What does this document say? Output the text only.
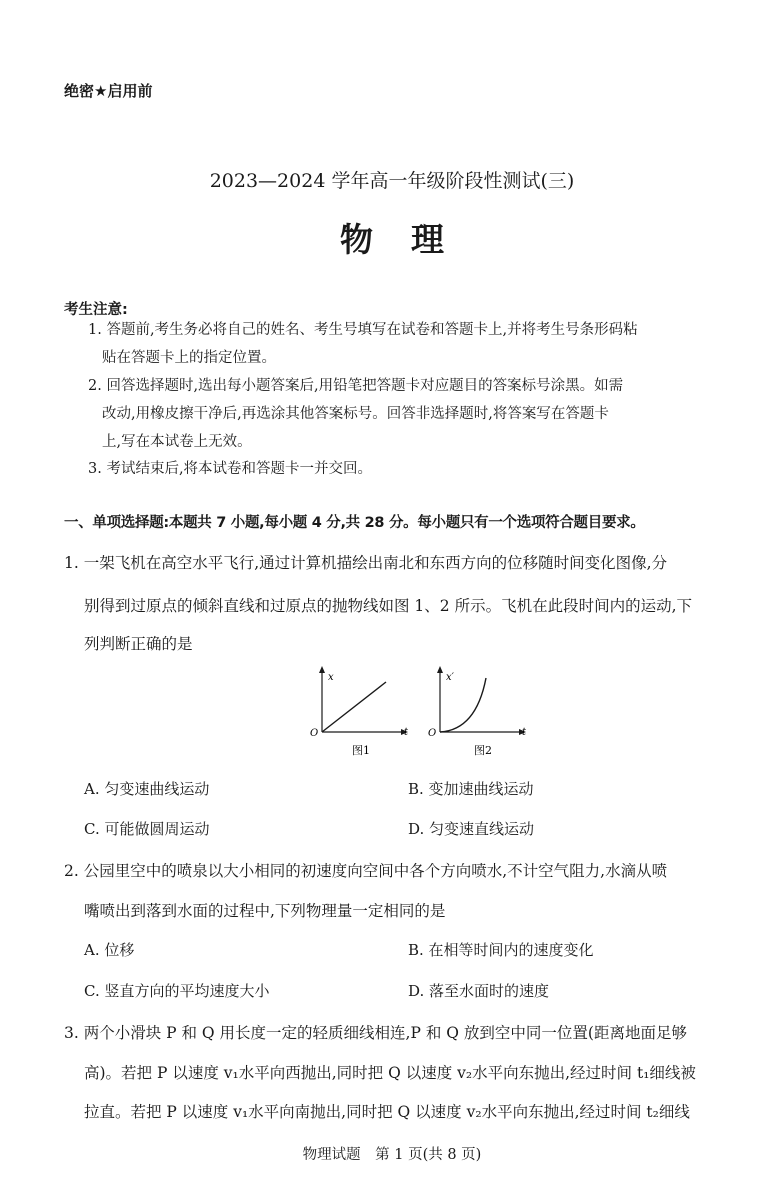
绝密★启用前
2023—2024 学年高一年级阶段性测试(三)
物理
考生注意:
1. 答题前,考生务必将自己的姓名、考生号填写在试卷和答题卡上,并将考生号条形码粘
贴在答题卡上的指定位置。
2. 回答选择题时,选出每小题答案后,用铅笔把答题卡对应题目的答案标号涂黑。如需
改动,用橡皮擦干净后,再选涂其他答案标号。回答非选择题时,将答案写在答题卡
上,写在本试卷上无效。
3. 考试结束后,将本试卷和答题卡一并交回。
一、单项选择题:本题共 7 小题,每小题 4 分,共 28 分。每小题只有一个选项符合题目要求。
1. 一架飞机在高空水平飞行,通过计算机描绘出南北和东西方向的位移随时间变化图像,分
别得到过原点的倾斜直线和过原点的抛物线如图 1、2 所示。飞机在此段时间内的运动,下
列判断正确的是
x
t
O
图1
x′
t
O
图2
A. 匀变速曲线运动	B. 变加速曲线运动
C. 可能做圆周运动	D. 匀变速直线运动
2. 公园里空中的喷泉以大小相同的初速度向空间中各个方向喷水,不计空气阻力,水滴从喷
嘴喷出到落到水面的过程中,下列物理量一定相同的是
A. 位移	B. 在相等时间内的速度变化
C. 竖直方向的平均速度大小	D. 落至水面时的速度
3. 两个小滑块 P 和 Q 用长度一定的轻质细线相连,P 和 Q 放到空中同一位置(距离地面足够
高)。若把 P 以速度 v₁水平向西抛出,同时把 Q 以速度 v₂水平向东抛出,经过时间 t₁细线被
拉直。若把 P 以速度 v₁水平向南抛出,同时把 Q 以速度 v₂水平向东抛出,经过时间 t₂细线
物理试题　第 1 页(共 8 页)
